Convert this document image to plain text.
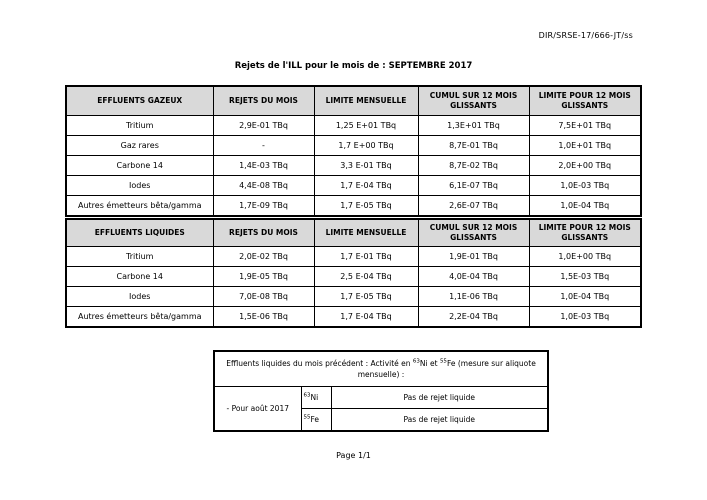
DIR/SRSE-17/666-JT/ss
Rejets de l'ILL pour le mois de : SEPTEMBRE 2017
EFFLUENTS GAZEUX	REJETS DU MOIS	LIMITE MENSUELLE	CUMUL SUR 12 MOIS GLISSANTS	LIMITE POUR 12 MOIS GLISSANTS
Tritium	2,9E-01 TBq	1,25 E+01 TBq	1,3E+01 TBq	7,5E+01 TBq
Gaz rares	-	1,7 E+00 TBq	8,7E-01 TBq	1,0E+01 TBq
Carbone 14	1,4E-03 TBq	3,3 E-01 TBq	8,7E-02 TBq	2,0E+00 TBq
Iodes	4,4E-08 TBq	1,7 E-04 TBq	6,1E-07 TBq	1,0E-03 TBq
Autres émetteurs bêta/gamma	1,7E-09 TBq	1,7 E-05 TBq	2,6E-07 TBq	1,0E-04 TBq
EFFLUENTS LIQUIDES	REJETS DU MOIS	LIMITE MENSUELLE	CUMUL SUR 12 MOIS GLISSANTS	LIMITE POUR 12 MOIS GLISSANTS
Tritium	2,0E-02 TBq	1,7 E-01 TBq	1,9E-01 TBq	1,0E+00 TBq
Carbone 14	1,9E-05 TBq	2,5 E-04 TBq	4,0E-04 TBq	1,5E-03 TBq
Iodes	7,0E-08 TBq	1,7 E-05 TBq	1,1E-06 TBq	1,0E-04 TBq
Autres émetteurs bêta/gamma	1,5E-06 TBq	1,7 E-04 TBq	2,2E-04 TBq	1,0E-03 TBq
Effluents liquides du mois précédent : Activité en $^{63}$Ni et $^{55}$Fe (mesure sur aliquote mensuelle) :		
- Pour août 2017	$^{63}$Ni	Pas de rejet liquide
	$^{55}$Fe	Pas de rejet liquide
Page 1/1
